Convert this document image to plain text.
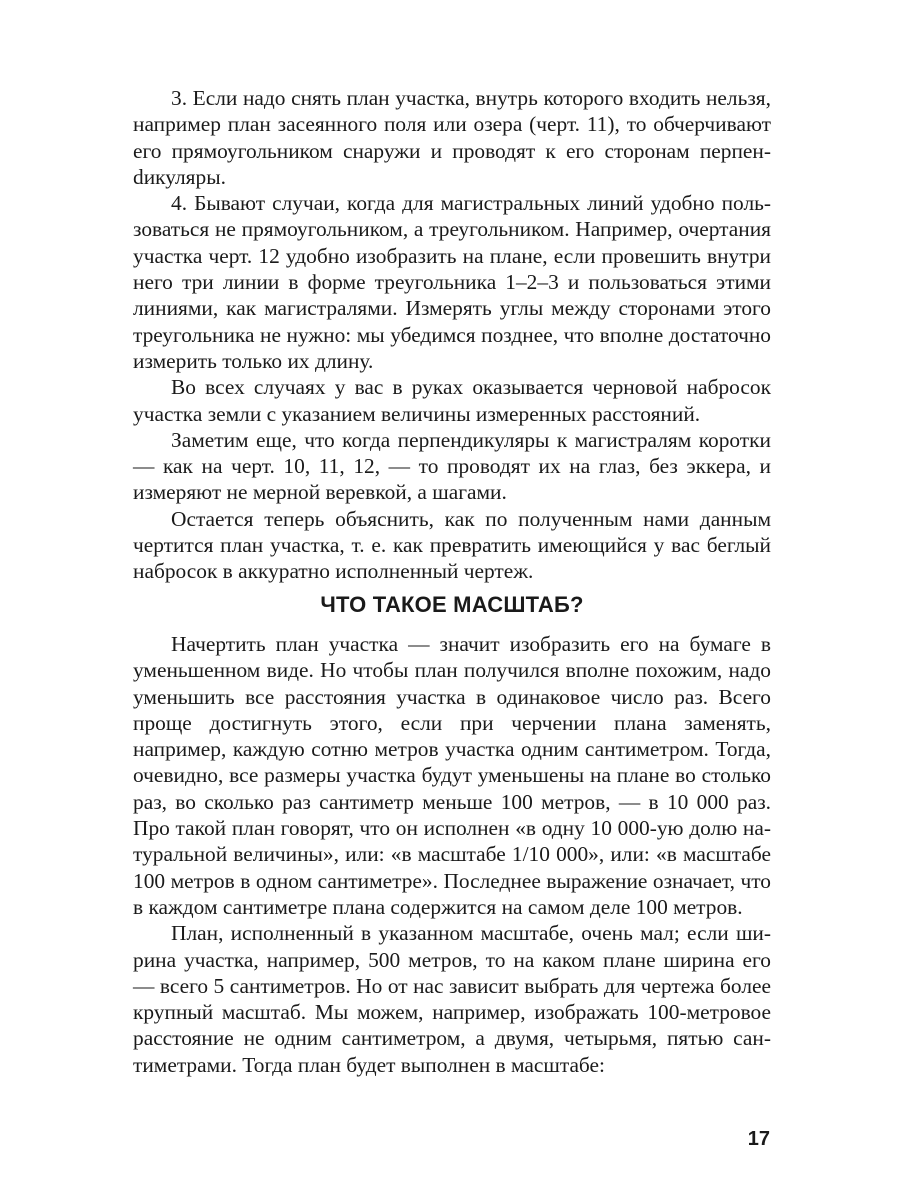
3. Если надо снять план участка, внутрь которого входить нельзя, например план засеянного поля или озера (черт. 11), то обчерчивают его прямоугольником снаружи и проводят к его сторонам перпенdикуляры.

4. Бывают случаи, когда для магистральных линий удобно пользоваться не прямоугольником, а треугольником. Например, очертания участка черт. 12 удобно изобразить на плане, если провешить внутри него три линии в форме треугольника 1–2–3 и пользоваться этими линиями, как магистралями. Измерять углы между сторонами этого треугольника не нужно: мы убедимся позднее, что вполне достаточно измерить только их длину.

Во всех случаях у вас в руках оказывается черновой набросок участка земли с указанием величины измеренных расстояний.

Заметим еще, что когда перпендикуляры к магистралям коротки — как на черт. 10, 11, 12, — то проводят их на глаз, без эккера, и измеряют не мерной веревкой, а шагами.

Остается теперь объяснить, как по полученным нами данным чертится план участка, т. е. как превратить имеющийся у вас беглый набросок в аккуратно исполненный чертеж.

ЧТО ТАКОЕ МАСШТАБ?

Начертить план участка — значит изобразить его на бумаге в уменьшенном виде. Но чтобы план получился вполне похожим, надо уменьшить все расстояния участка в одинаковое число раз. Всего проще достигнуть этого, если при черчении плана заменять, например, каждую сотню метров участка одним сантиметром. Тогда, очевидно, все размеры участка будут уменьшены на плане во столько раз, во сколько раз сантиметр меньше 100 метров, — в 10 000 раз. Про такой план говорят, что он исполнен «в одну 10 000-ую долю натуральной величины», или: «в масштабе 1/10 000», или: «в масштабе 100 метров в одном сантиметре». Последнее выражение означает, что в каждом сантиметре плана содержится на самом деле 100 метров.

План, исполненный в указанном масштабе, очень мал; если ширина участка, например, 500 метров, то на каком плане ширина его — всего 5 сантиметров. Но от нас зависит выбрать для чертежа более крупный масштаб. Мы можем, например, изображать 100-метровое расстояние не одним сантиметром, а двумя, четырьмя, пятью сантиметрами. Тогда план будет выполнен в масштабе:

17
